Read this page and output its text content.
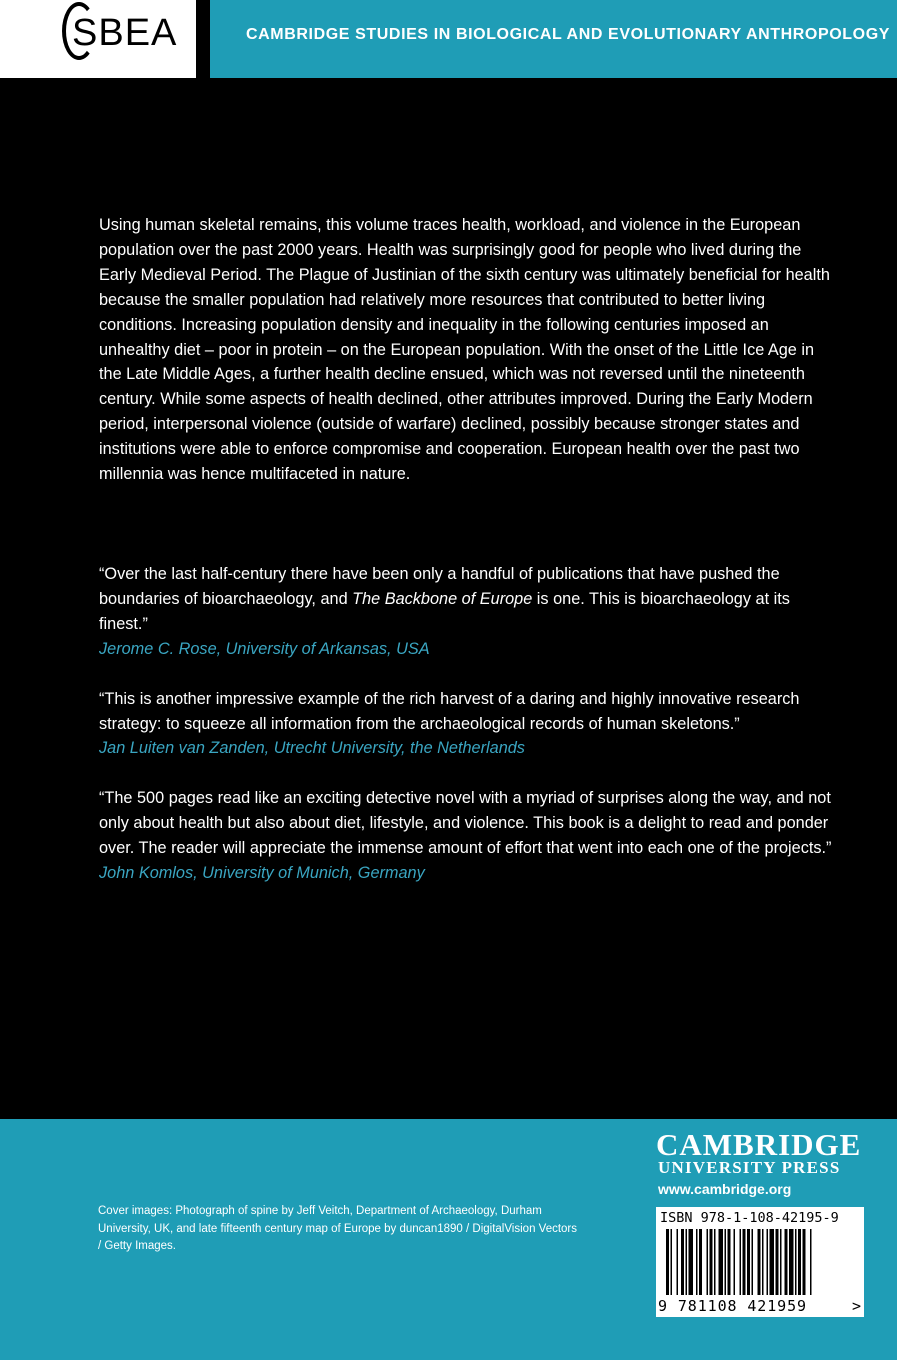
SBEA	CAMBRIDGE STUDIES IN BIOLOGICAL AND EVOLUTIONARY ANTHROPOLOGY

Using human skeletal remains, this volume traces health, workload, and violence in the European population over the past 2000 years. Health was surprisingly good for people who lived during the Early Medieval Period. The Plague of Justinian of the sixth century was ultimately beneficial for health because the smaller population had relatively more resources that contributed to better living conditions. Increasing population density and inequality in the following centuries imposed an unhealthy diet – poor in protein – on the European population. With the onset of the Little Ice Age in the Late Middle Ages, a further health decline ensued, which was not reversed until the nineteenth century. While some aspects of health declined, other attributes improved. During the Early Modern period, interpersonal violence (outside of warfare) declined, possibly because stronger states and institutions were able to enforce compromise and cooperation. European health over the past two millennia was hence multifaceted in nature.

“Over the last half-century there have been only a handful of publications that have pushed the boundaries of bioarchaeology, and The Backbone of Europe is one. This is bioarchaeology at its finest.”

Jerome C. Rose, University of Arkansas, USA

“This is another impressive example of the rich harvest of a daring and highly innovative research strategy: to squeeze all information from the archaeological records of human skeletons.”

Jan Luiten van Zanden, Utrecht University, the Netherlands

“The 500 pages read like an exciting detective novel with a myriad of surprises along the way, and not only about health but also about diet, lifestyle, and violence. This book is a delight to read and ponder over. The reader will appreciate the immense amount of effort that went into each one of the projects.”

John Komlos, University of Munich, Germany

Cover images: Photograph of spine by Jeff Veitch, Department of Archaeology, Durham University, UK, and late fifteenth century map of Europe by duncan1890 / DigitalVision Vectors / Getty Images.

CAMBRIDGE
UNIVERSITY PRESS
www.cambridge.org
ISBN 978-1-108-42195-9
9 781108 421959	>
